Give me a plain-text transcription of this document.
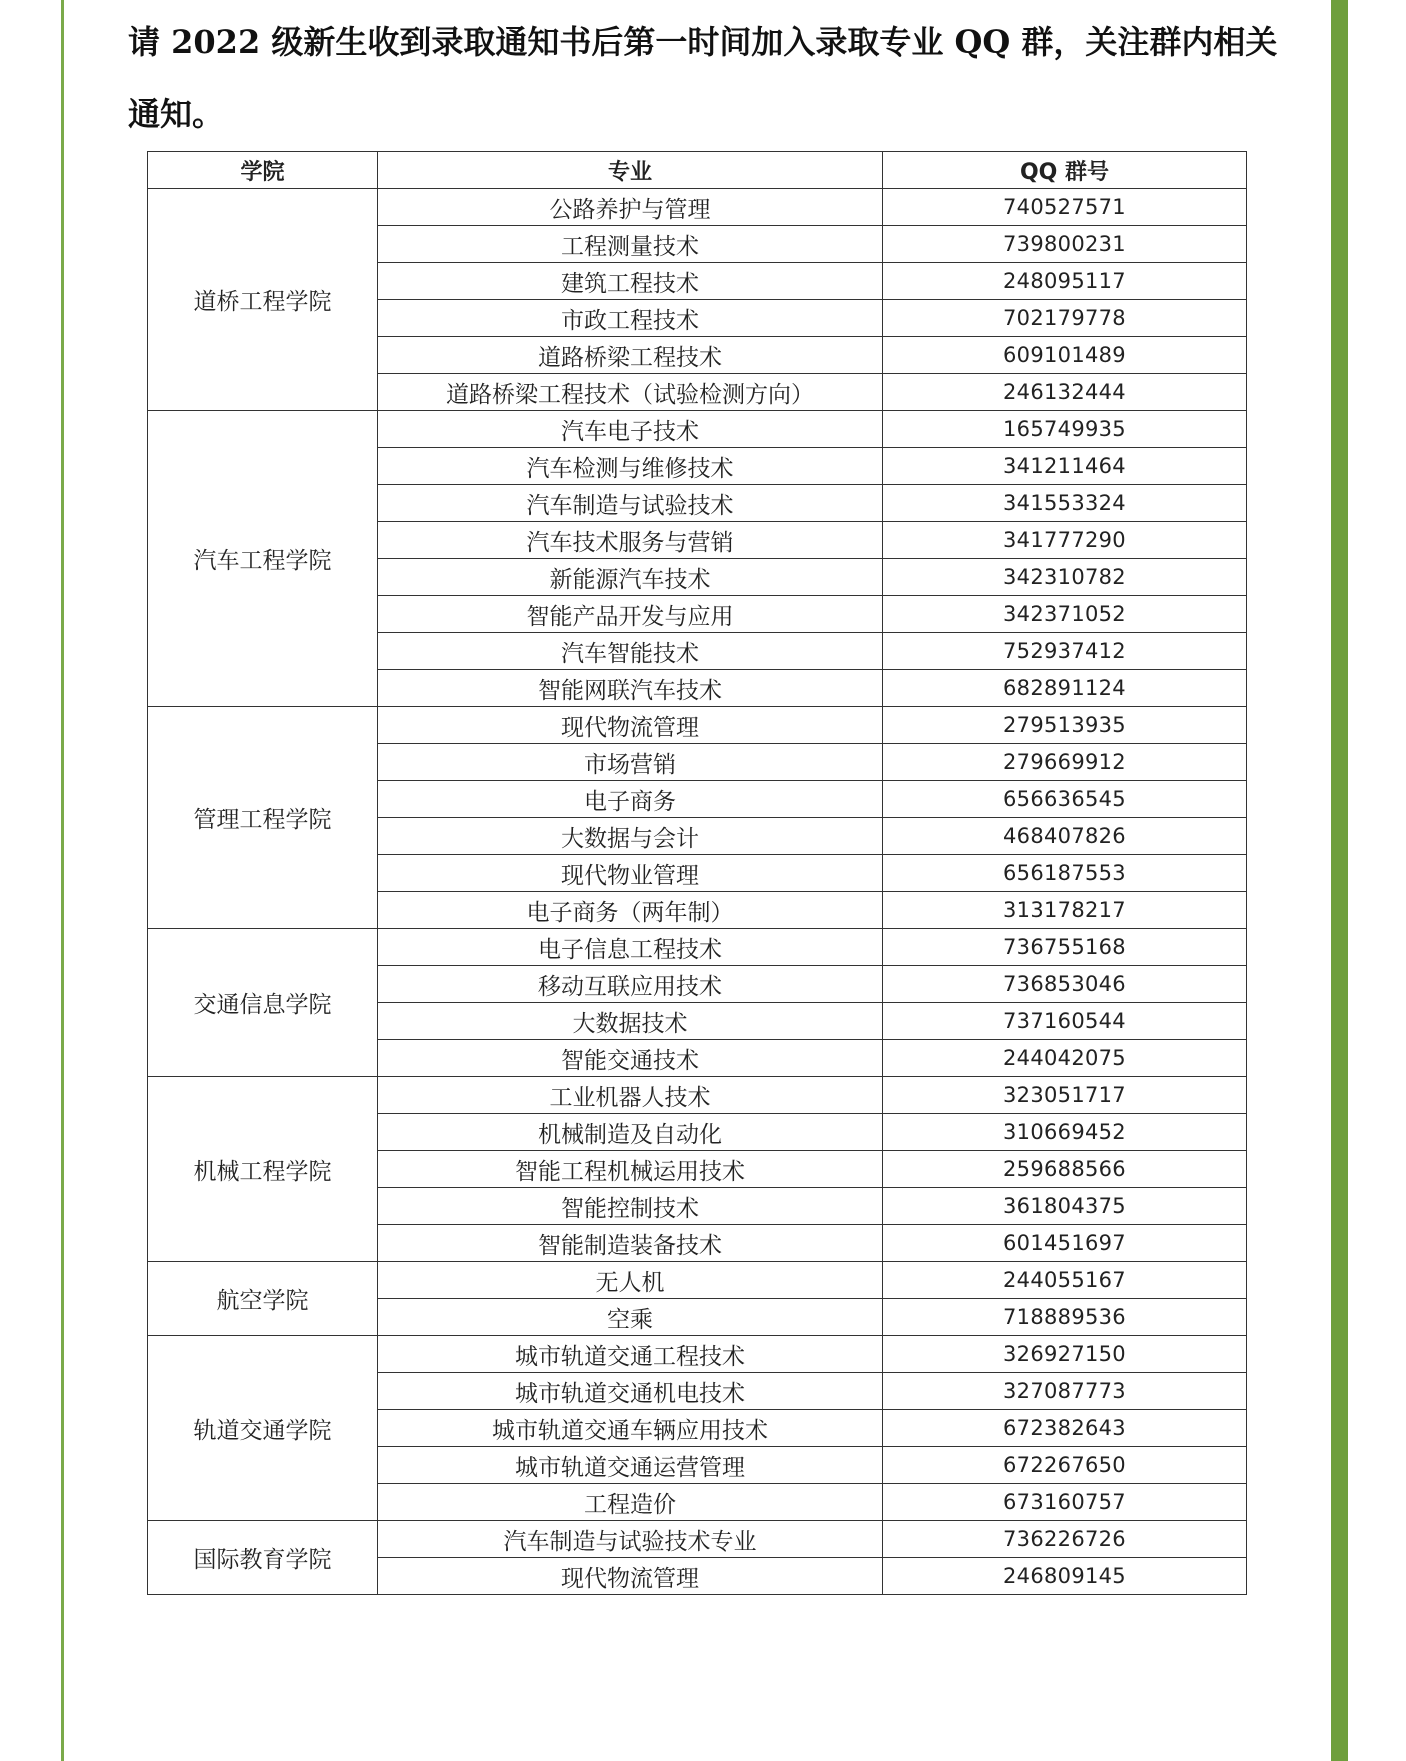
请 2022 级新生收到录取通知书后第一时间加入录取专业 QQ 群，关注群内相关通知。

学院	专业	QQ 群号
道桥工程学院	公路养护与管理	740527571
	工程测量技术	739800231
	建筑工程技术	248095117
	市政工程技术	702179778
	道路桥梁工程技术	609101489
	道路桥梁工程技术（试验检测方向）	246132444
汽车工程学院	汽车电子技术	165749935
	汽车检测与维修技术	341211464
	汽车制造与试验技术	341553324
	汽车技术服务与营销	341777290
	新能源汽车技术	342310782
	智能产品开发与应用	342371052
	汽车智能技术	752937412
	智能网联汽车技术	682891124
管理工程学院	现代物流管理	279513935
	市场营销	279669912
	电子商务	656636545
	大数据与会计	468407826
	现代物业管理	656187553
	电子商务（两年制）	313178217
交通信息学院	电子信息工程技术	736755168
	移动互联应用技术	736853046
	大数据技术	737160544
	智能交通技术	244042075
机械工程学院	工业机器人技术	323051717
	机械制造及自动化	310669452
	智能工程机械运用技术	259688566
	智能控制技术	361804375
	智能制造装备技术	601451697
航空学院	无人机	244055167
	空乘	718889536
轨道交通学院	城市轨道交通工程技术	326927150
	城市轨道交通机电技术	327087773
	城市轨道交通车辆应用技术	672382643
	城市轨道交通运营管理	672267650
	工程造价	673160757
国际教育学院	汽车制造与试验技术专业	736226726
	现代物流管理	246809145
